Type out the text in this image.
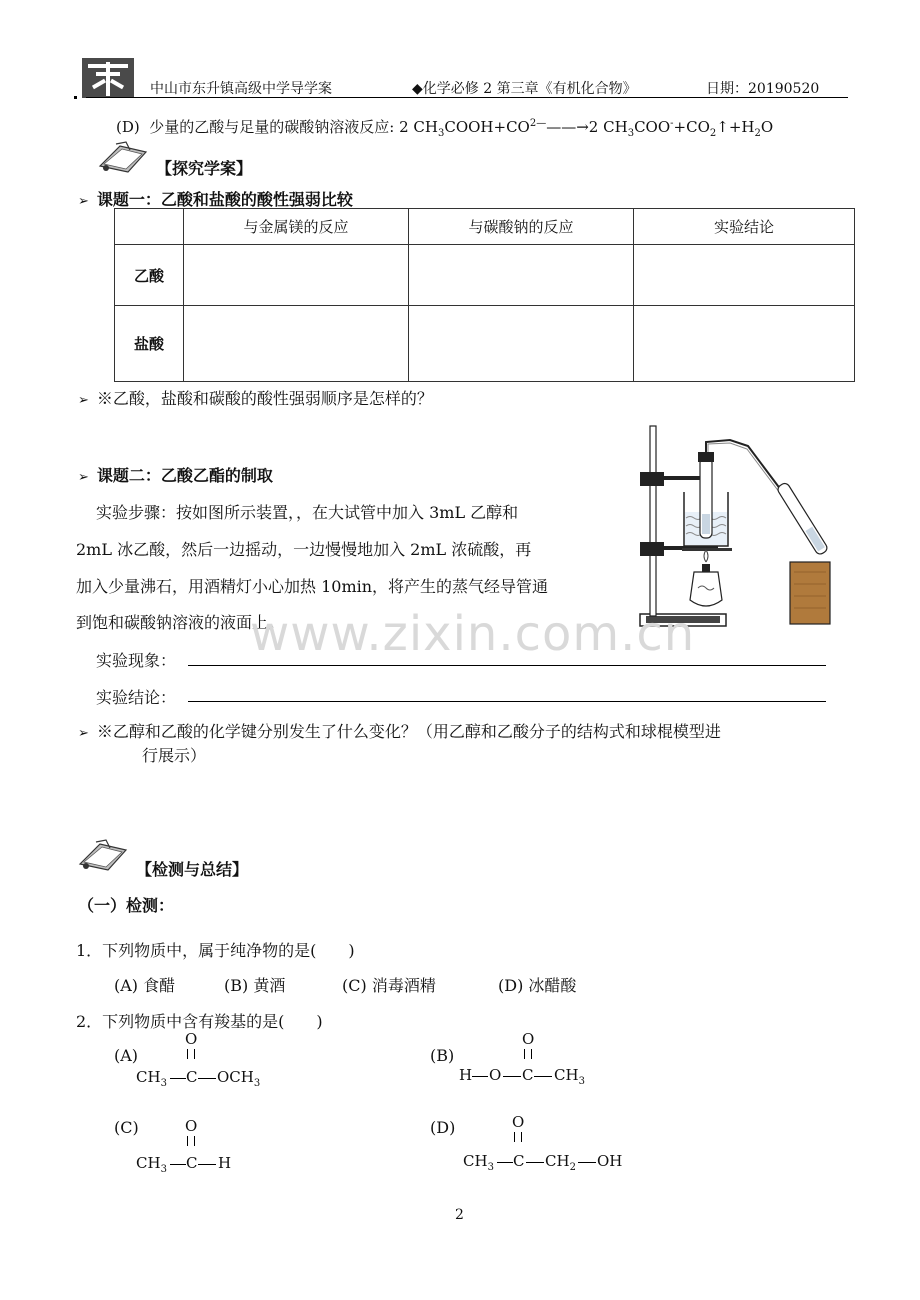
中山市东升镇高级中学导学案	◆化学必修 2 第三章《有机化合物》	日期：20190520
(D) 少量的乙酸与足量的碳酸钠溶液反应: 2 $CH_3COOH+CO^{2—}——\to 2$ $CH_3COO^-+CO_2↑+H_2O$
【探究学案】
➢ 课题一：乙酸和盐酸的酸性强弱比较
	与金属镁的反应	与碳酸钠的反应	实验结论
乙酸			
盐酸			
➢ ※乙酸，盐酸和碳酸的酸性强弱顺序是怎样的？
➢ 课题二：乙酸乙酯的制取
实验步骤：按如图所示装置，，在大试管中加入 3mL 乙醇和
2mL 冰乙酸，然后一边摇动，一边慢慢地加入 2mL 浓硫酸，再
加入少量沸石，用酒精灯小心加热 10min，将产生的蒸气经导管通
到饱和碳酸钠溶液的液面上。
www.zixin.com.cn
实验现象：
实验结论：
➢ ※乙醇和乙酸的化学键分别发生了什么变化？（用乙醇和乙酸分子的结构式和球棍模型进
行展示）
【检测与总结】
（一）检测：
1．下列物质中，属于纯净物的是(　　)
(A) 食醋	(B) 黄酒	(C) 消毒酒精	(D) 冰醋酸
2．下列物质中含有羧基的是(　　)
(A)
O
$CH_3$ C $OCH_3$
(B)
O
H O C $CH_3$
(C)	O
$CH_3$ C H
(D)	O
$CH_3$ C $CH_2$ OH
2
